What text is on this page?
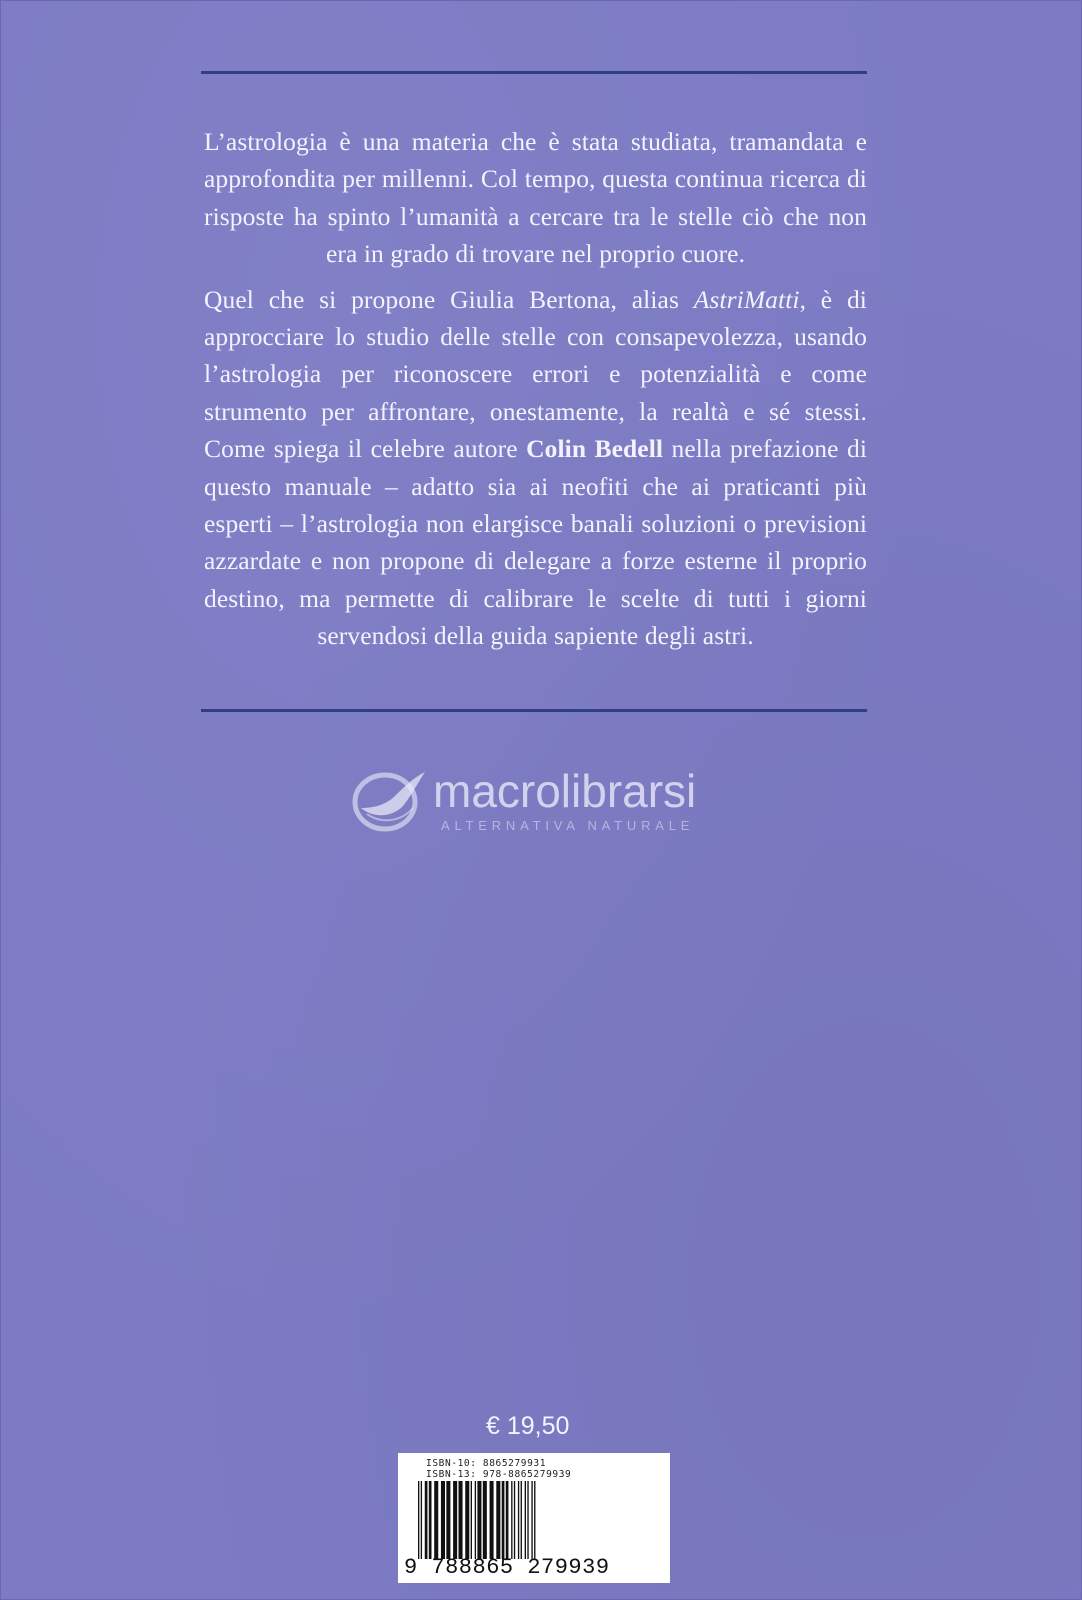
L’astrologia è una materia che è stata studiata, tramandata e approfondita per millenni. Col tempo, questa continua ricerca di risposte ha spinto l’umanità a cercare tra le stelle ciò che non era in grado di trovare nel proprio cuore.

Quel che si propone Giulia Bertona, alias AstriMatti, è di approcciare lo studio delle stelle con consapevolezza, usando l’astrologia per riconoscere errori e potenzialità e come strumento per affrontare, onestamente, la realtà e sé stessi. Come spiega il celebre autore Colin Bedell nella prefazione di questo manuale – adatto sia ai neofiti che ai praticanti più esperti – l’astrologia non elargisce banali soluzioni o previsioni azzardate e non propone di delegare a forze esterne il proprio destino, ma permette di calibrare le scelte di tutti i giorni servendosi della guida sapiente degli astri.

macrolibrarsi
ALTERNATIVA NATURALE
€ 19,50
ISBN-10: 8865279931
ISBN-13: 978-8865279939
9 788865 279939
